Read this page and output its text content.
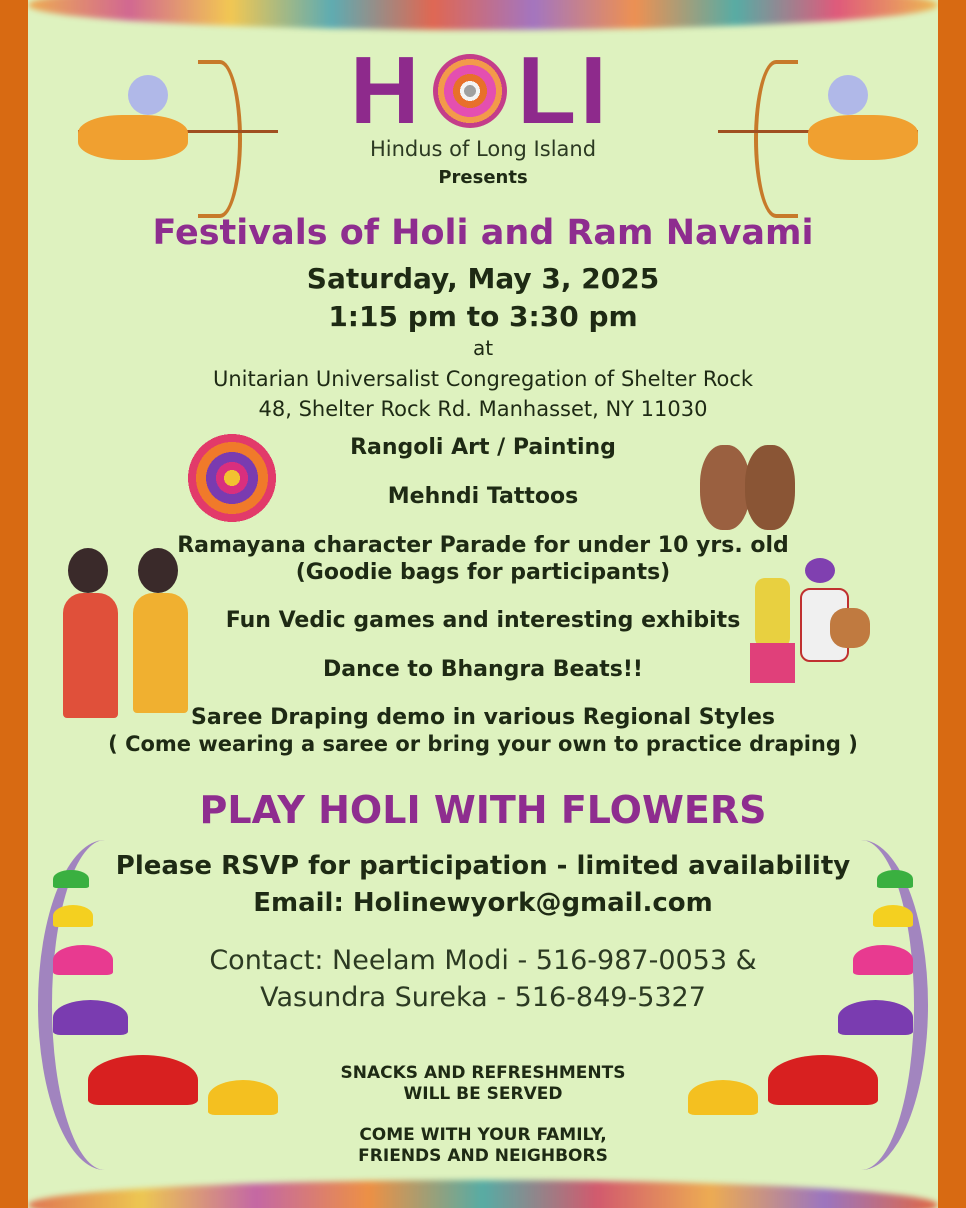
H LI
Hindus of Long Island
Presents
Festivals of Holi and Ram Navami
Saturday, May 3, 2025
1:15 pm to 3:30 pm
at
Unitarian Universalist Congregation of Shelter Rock
48, Shelter Rock Rd. Manhasset, NY 11030
Rangoli Art / Painting
Mehndi Tattoos
Ramayana character Parade for under 10 yrs. old
(Goodie bags for participants)
Fun Vedic games and interesting exhibits
Dance to Bhangra Beats!!
Saree Draping demo in various Regional Styles
( Come wearing a saree or bring your own to practice draping )
PLAY HOLI WITH FLOWERS
Please RSVP for participation - limited availability
Email: Holinewyork@gmail.com
Contact: Neelam Modi - 516-987-0053 &
Vasundra Sureka - 516-849-5327
SNACKS AND REFRESHMENTS
WILL BE SERVED
COME WITH YOUR FAMILY,
FRIENDS AND NEIGHBORS
